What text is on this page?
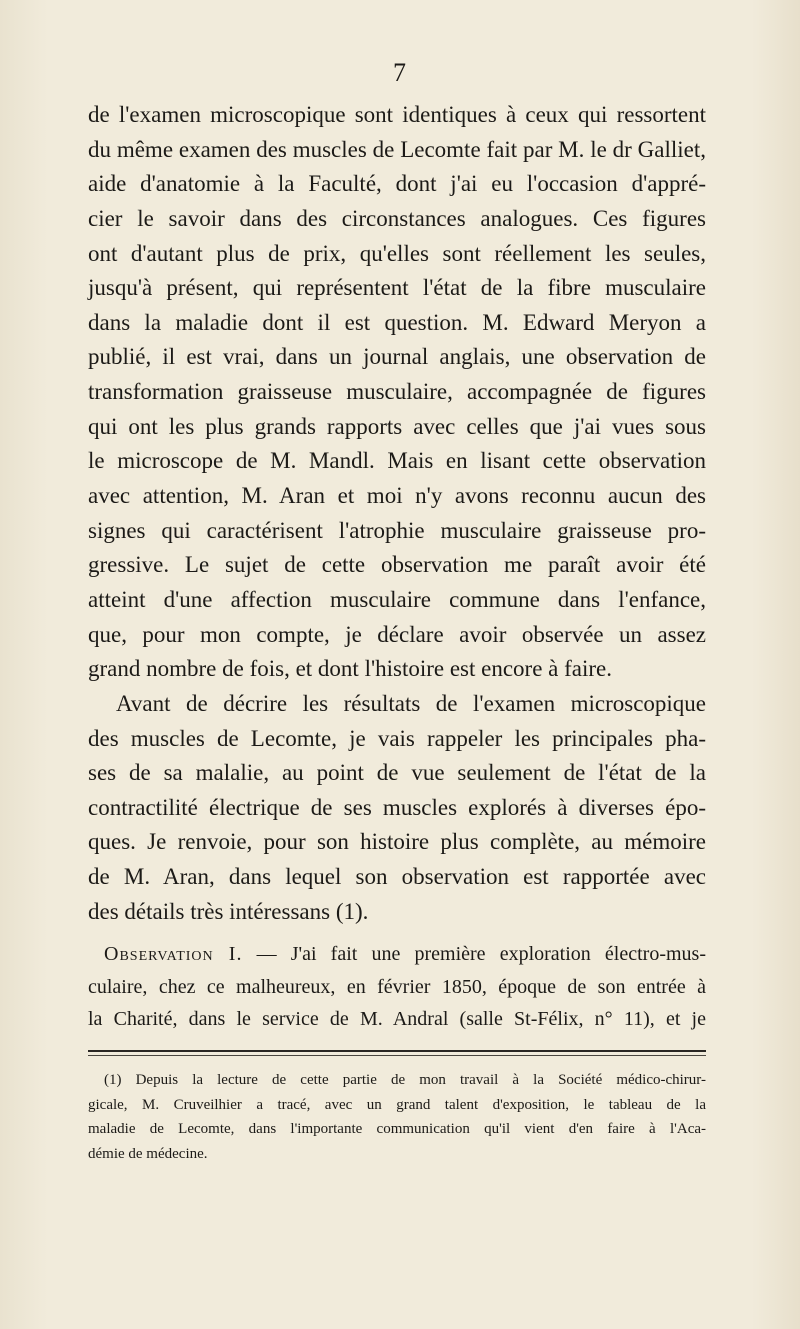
7
de l'examen microscopique sont identiques à ceux qui ressortent
du même examen des muscles de Lecomte fait par M. le dr Galliet,
aide d'anatomie à la Faculté, dont j'ai eu l'occasion d'appré-
cier le savoir dans des circonstances analogues. Ces figures
ont d'autant plus de prix, qu'elles sont réellement les seules,
jusqu'à présent, qui représentent l'état de la fibre musculaire
dans la maladie dont il est question. M. Edward Meryon a
publié, il est vrai, dans un journal anglais, une observation de
transformation graisseuse musculaire, accompagnée de figures
qui ont les plus grands rapports avec celles que j'ai vues sous
le microscope de M. Mandl. Mais en lisant cette observation
avec attention, M. Aran et moi n'y avons reconnu aucun des
signes qui caractérisent l'atrophie musculaire graisseuse pro-
gressive. Le sujet de cette observation me paraît avoir été
atteint d'une affection musculaire commune dans l'enfance,
que, pour mon compte, je déclare avoir observée un assez
grand nombre de fois, et dont l'histoire est encore à faire.
Avant de décrire les résultats de l'examen microscopique
des muscles de Lecomte, je vais rappeler les principales pha-
ses de sa malalie, au point de vue seulement de l'état de la
contractilité électrique de ses muscles explorés à diverses épo-
ques. Je renvoie, pour son histoire plus complète, au mémoire
de M. Aran, dans lequel son observation est rapportée avec
des détails très intéressans (1).
Observation I. — J'ai fait une première exploration électro-mus-
culaire, chez ce malheureux, en février 1850, époque de son entrée à
la Charité, dans le service de M. Andral (salle St-Félix, n° 11), et je
(1) Depuis la lecture de cette partie de mon travail à la Société médico-chirur-
gicale, M. Cruveilhier a tracé, avec un grand talent d'exposition, le tableau de la
maladie de Lecomte, dans l'importante communication qu'il vient d'en faire à l'Aca-
démie de médecine.
